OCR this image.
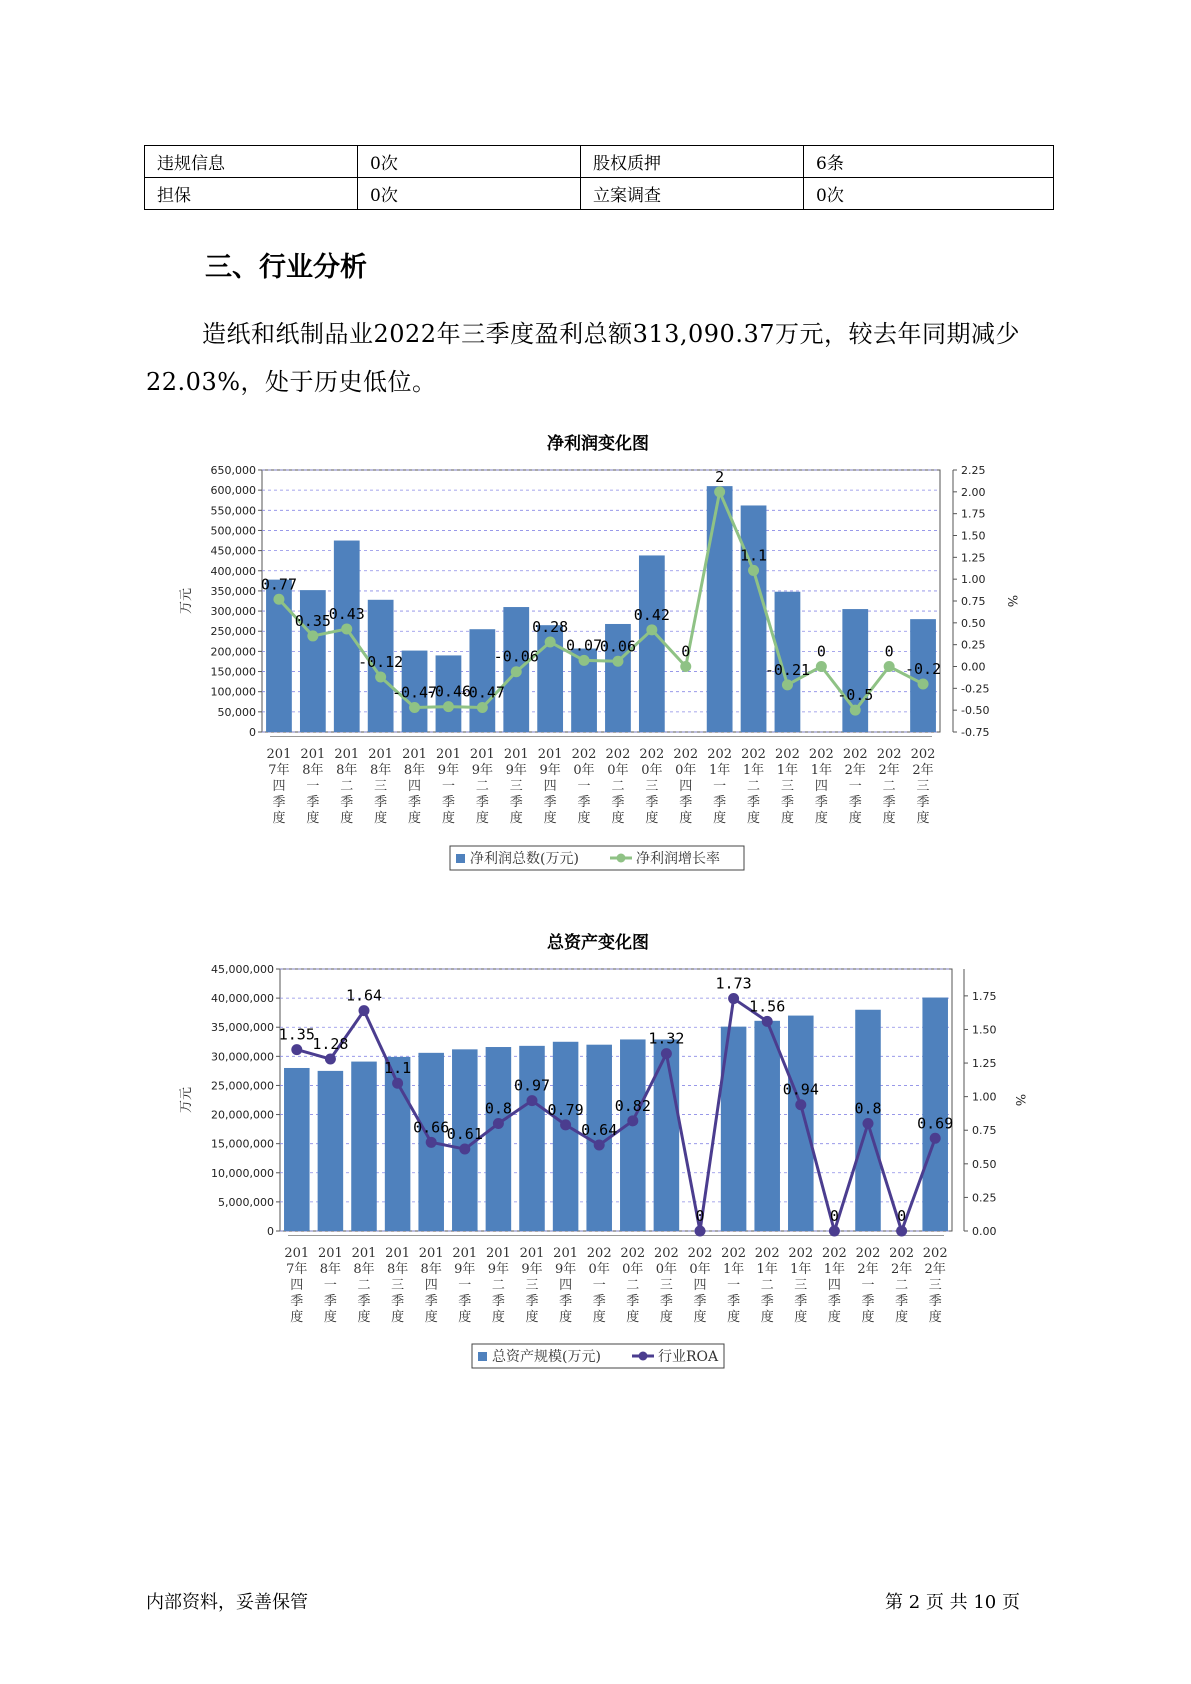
违规信息	0次	股权质押	6条
担保	0次	立案调查	0次
三、行业分析

造纸和纸制品业2022年三季度盈利总额313,090.37万元，较去年同期减少22.03%，处于历史低位。

净利润变化图
总资产变化图
0
50,000
100,000
150,000
200,000
250,000
300,000
350,000
400,000
450,000
500,000
550,000
600,000
650,000
-0.75
-0.50
-0.25
0.00
0.25
0.50
0.75
1.00
1.25
1.50
1.75
2.00
2.25
万元	%
201
7年
四
季
度
201
8年
一
季
度
201
8年
二
季
度
201
8年
三
季
度
201
8年
四
季
度
201
9年
一
季
度
201
9年
二
季
度
201
9年
三
季
度
201
9年
四
季
度
202
0年
一
季
度
202
0年
二
季
度
202
0年
三
季
度
202
0年
四
季
度
202
1年
一
季
度
202
1年
二
季
度
202
1年
三
季
度
202
1年
四
季
度
202
2年
一
季
度
202
2年
二
季
度
202
2年
三
季
度
0.77
0.35
0.43
-0.12
-0.47
-0.46
-0.47
-0.06
0.28
0.07
0.06
0.42
0
2
1.1
-0.21
0
-0.5
0
-0.2
净利润总数(万元)	净利润增长率
0
5,000,000
10,000,000
15,000,000
20,000,000
25,000,000
30,000,000
35,000,000
40,000,000
45,000,000
0.00
0.25
0.50
0.75
1.00
1.25
1.50
1.75
万元	%
201
7年
四
季
度
201
8年
一
季
度
201
8年
二
季
度
201
8年
三
季
度
201
8年
四
季
度
201
9年
一
季
度
201
9年
二
季
度
201
9年
三
季
度
201
9年
四
季
度
202
0年
一
季
度
202
0年
二
季
度
202
0年
三
季
度
202
0年
四
季
度
202
1年
一
季
度
202
1年
二
季
度
202
1年
三
季
度
202
1年
四
季
度
202
2年
一
季
度
202
2年
二
季
度
202
2年
三
季
度
1.35
1.28
1.64
1.1
0.66
0.61
0.8
0.97
0.79
0.64
0.82
1.32
0
1.73
1.56
0.94
0
0.8
0
0.69
总资产规模(万元)	行业ROA
内部资料，妥善保管	第 2 页 共 10 页
